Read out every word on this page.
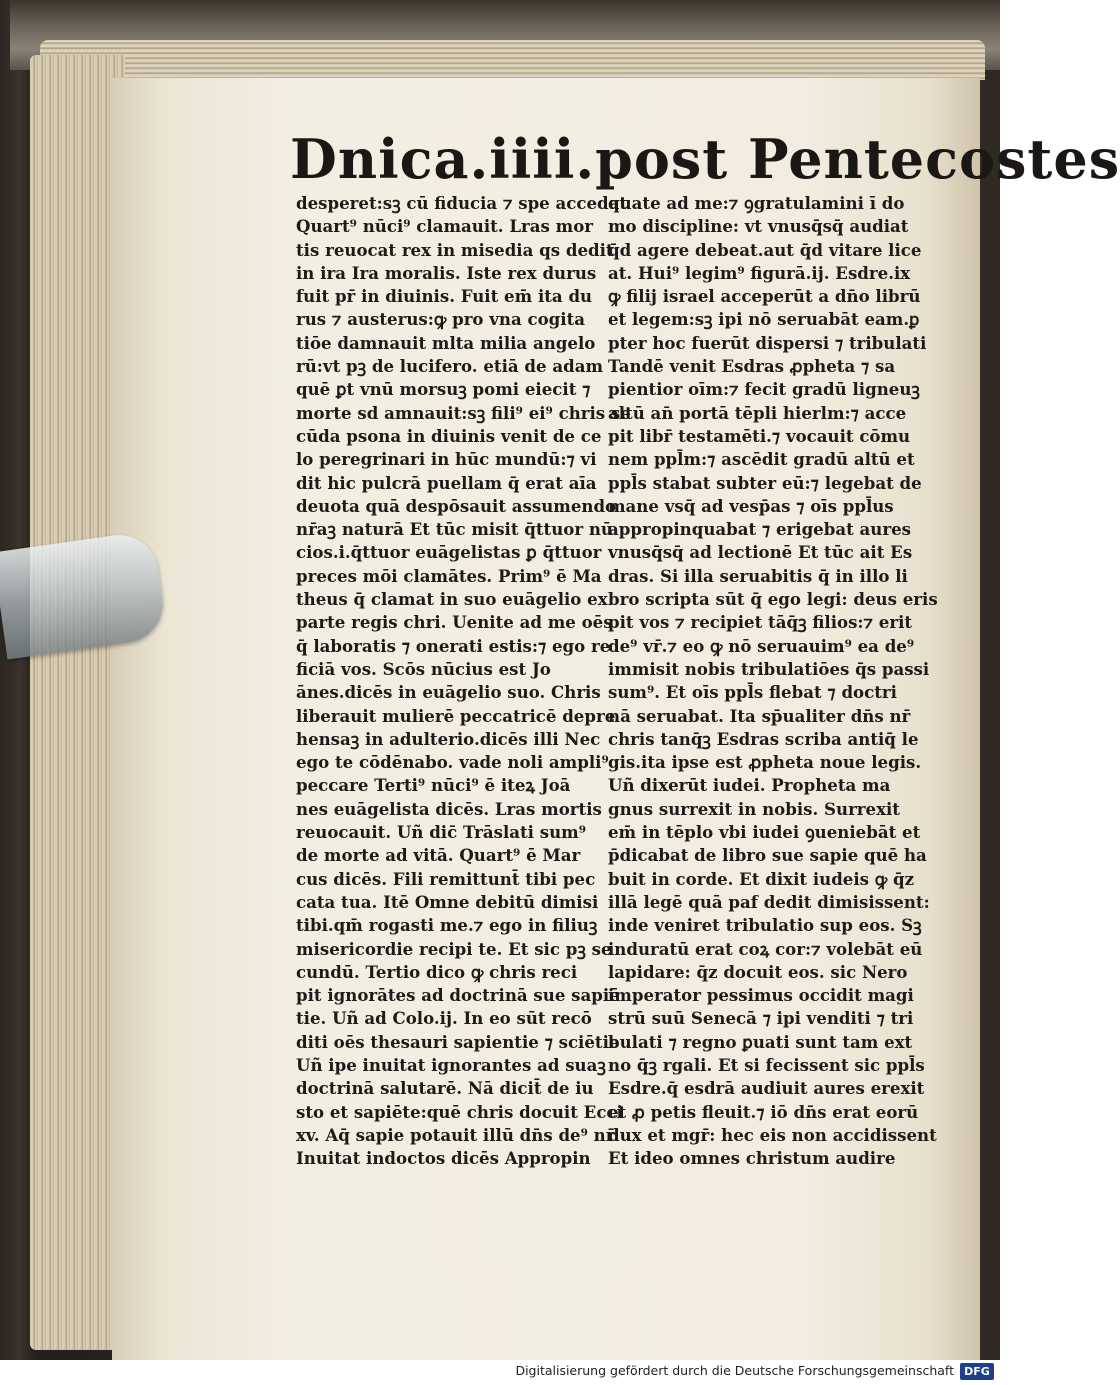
Dnica.iiii.post Pentecostes
desperet:sꝫ cū fiducia ⁊ spe accedat
Quart⁹ nūci⁹ clamauit. Lras mor
tis reuocat rex in misedia qs dedit
in ira Ira moralis. Iste rex durus
fuit pr̄ in diuinis. Fuit em̄ ita du
rus ⁊ austerus:ꝙ pro vna cogita
tiōe damnauit mlta milia angelo
rū:vt pꝫ de lucifero. etiā de adam
quē ꝑt vnū morsuꝫ pomi eiecit ⁊
morte sd amnauit:sꝫ fili⁹ ei⁹ chris se
cūda psona in diuinis venit de ce
lo peregrinari in hūc mundū:⁊ vi
dit hic pulcrā puellam q̄ erat aīa
deuota quā despōsauit assumendo
nr̄aꝫ naturā Et tūc misit q̄ttuor nū
cios.i.q̄ttuor euāgelistas ꝑ q̄ttuor
preces mōi clamātes. Prim⁹ ē Ma
theus q̄ clamat in suo euāgelio ex
parte regis chri. Uenite ad me oēs
q̄ laboratis ⁊ onerati estis:⁊ ego re
ficiā vos. Scōs nūcius est Jo
ānes.dicēs in euāgelio suo. Chris
liberauit mulierē peccatricē depre
hensaꝫ in adulterio.dicēs illi Nec
ego te cōdēnabo. vade noli ampli⁹
peccare Terti⁹ nūci⁹ ē iteꝝ Joā
nes euāgelista dicēs. Lras mortis
reuocauit. Uñ dic̄ Trāslati sum⁹
de morte ad vitā. Quart⁹ ē Mar
cus dicēs. Fili remittunt̄ tibi pec
cata tua. Itē Omne debitū dimisi
tibi.qm̄ rogasti me.⁊ ego in filiuꝫ
misericordie recipi te. Et sic pꝫ se
cundū. Tertio dico ꝙ chris reci
pit ignorātes ad doctrinā sue sapiē
tie. Uñ ad Colo.ij. In eo sūt recō
diti oēs thesauri sapientie ⁊ sciētie
Uñ ipe inuitat ignorantes ad suaꝫ
doctrinā salutarē. Nā dicit̄ de iu
sto et sapiēte:quē chris docuit Ecci
xv. Aq̄ sapie potauit illū dn̄s de⁹ nr̄
Inuitat indoctos dicēs Appropin
quate ad me:⁊ ꝯgratulamini ī do
mo discipline: vt vnusq̄sq̄ audiat
q̄d agere debeat.aut q̄d vitare lice
at. Hui⁹ legim⁹ figurā.ij. Esdre.ix
ꝙ filij israel acceperūt a dn̄o librū
et legem:sꝫ ipi nō seruabāt eam.ꝑ
pter hoc fuerūt dispersi ⁊ tribulati
Tandē venit Esdras ꝓpheta ⁊ sa
pientior oīm:⁊ fecit gradū ligneuꝫ
altū an̄ portā tēpli hierlm:⁊ acce
pit libr̄ testamēti.⁊ vocauit cōmu
nem ppl̄m:⁊ ascēdit gradū altū et
ppl̄s stabat subter eū:⁊ legebat de
mane vsq̄ ad vesp̄as ⁊ oīs ppl̄us
appropinquabat ⁊ erigebat aures
vnusq̄sq̄ ad lectionē Et tūc ait Es
dras. Si illa seruabitis q̄ in illo li
bro scripta sūt q̄ ego legi: deus eris
pit vos ⁊ recipiet tāq̄ꝫ filios:⁊ erit
de⁹ vr̄.⁊ eo ꝙ nō seruauim⁹ ea de⁹
immisit nobis tribulatiōes q̄s passi
sum⁹. Et oīs ppl̄s flebat ⁊ doctri
nā seruabat. Ita sp̄ualiter dn̄s nr̄
chris tanq̄ꝫ Esdras scriba antiq̄ le
gis.ita ipse est ꝓpheta noue legis.
Uñ dixerūt iudei. Propheta ma
gnus surrexit in nobis. Surrexit
em̄ in tēplo vbi iudei ꝯueniebāt et
p̄dicabat de libro sue sapie quē ha
buit in corde. Et dixit iudeis ꝙ q̄z
illā legē quā paf dedit dimisissent:
inde veniret tribulatio sup eos. Sꝫ
induratū erat coꝝ cor:⁊ volebāt eū
lapidare: q̄z docuit eos. sic Nero
imperator pessimus occidit magi
strū suū Senecā ⁊ ipi venditi ⁊ tri
bulati ⁊ regno ꝑuati sunt tam ext
no q̄ꝫ rgali. Et si fecissent sic ppl̄s
Esdre.q̄ esdrā audiuit aures erexit
et ꝓ petis fleuit.⁊ iō dn̄s erat eorū
dux et mgr̄: hec eis non accidissent
Et ideo omnes christum audire
Digitalisierung gefördert durch die Deutsche Forschungsgemeinschaft DFG
